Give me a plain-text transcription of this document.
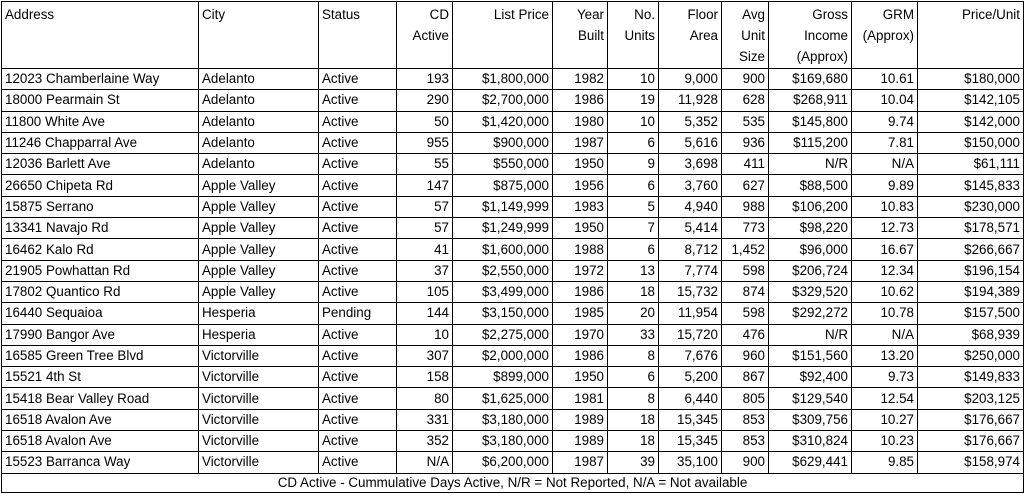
Address	City	Status	CD Active	List Price	Year Built	No. Units	Floor Area	Avg Unit Size	Gross Income (Approx)	GRM (Approx)	Price/Unit
12023 Chamberlaine Way	Adelanto	Active	193	$1,800,000	1982	10	9,000	900	$169,680	10.61	$180,000
18000 Pearmain St	Adelanto	Active	290	$2,700,000	1986	19	11,928	628	$268,911	10.04	$142,105
11800 White Ave	Adelanto	Active	50	$1,420,000	1980	10	5,352	535	$145,800	9.74	$142,000
11246 Chapparral Ave	Adelanto	Active	955	$900,000	1987	6	5,616	936	$115,200	7.81	$150,000
12036 Barlett Ave	Adelanto	Active	55	$550,000	1950	9	3,698	411	N/R	N/A	$61,111
26650 Chipeta Rd	Apple Valley	Active	147	$875,000	1956	6	3,760	627	$88,500	9.89	$145,833
15875 Serrano	Apple Valley	Active	57	$1,149,999	1983	5	4,940	988	$106,200	10.83	$230,000
13341 Navajo Rd	Apple Valley	Active	57	$1,249,999	1950	7	5,414	773	$98,220	12.73	$178,571
16462 Kalo Rd	Apple Valley	Active	41	$1,600,000	1988	6	8,712	1,452	$96,000	16.67	$266,667
21905 Powhattan Rd	Apple Valley	Active	37	$2,550,000	1972	13	7,774	598	$206,724	12.34	$196,154
17802 Quantico Rd	Apple Valley	Active	105	$3,499,000	1986	18	15,732	874	$329,520	10.62	$194,389
16440 Sequaioa	Hesperia	Pending	144	$3,150,000	1985	20	11,954	598	$292,272	10.78	$157,500
17990 Bangor Ave	Hesperia	Active	10	$2,275,000	1970	33	15,720	476	N/R	N/A	$68,939
16585 Green Tree Blvd	Victorville	Active	307	$2,000,000	1986	8	7,676	960	$151,560	13.20	$250,000
15521 4th St	Victorville	Active	158	$899,000	1950	6	5,200	867	$92,400	9.73	$149,833
15418 Bear Valley Road	Victorville	Active	80	$1,625,000	1981	8	6,440	805	$129,540	12.54	$203,125
16518 Avalon Ave	Victorville	Active	331	$3,180,000	1989	18	15,345	853	$309,756	10.27	$176,667
16518 Avalon Ave	Victorville	Active	352	$3,180,000	1989	18	15,345	853	$310,824	10.23	$176,667
15523 Barranca Way	Victorville	Active	N/A	$6,200,000	1987	39	35,100	900	$629,441	9.85	$158,974
CD Active - Cummulative Days Active, N/R = Not Reported, N/A = Not available											
